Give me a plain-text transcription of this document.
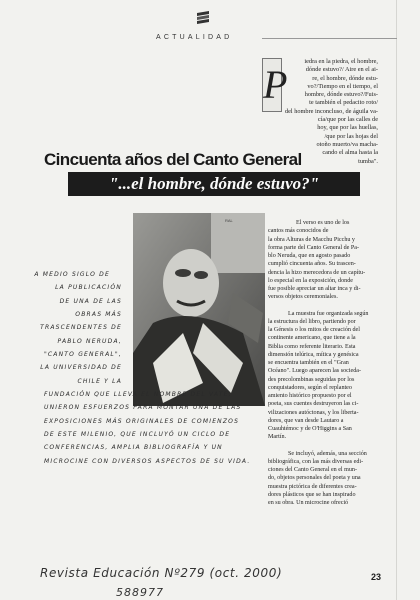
ACTUALIDAD
P
iedra en la piedra, el hombre,
dónde estuvo?/ Aire en el ai-
re, el hombre, dónde estu-
vo?/Tiempo en el tiempo, el
hombre, dónde estuvo?/Fuis-
te también el pedacito roto/
del hombre inconcluso, de águila va-
cía/que por las calles de
hoy, que por las huellas,
/que por las hojas del
otoño muerto/va macha-
cando el alma hasta la
tumba".
Cincuenta años del Canto General
"...el hombre, dónde estuvo?"
RAL
A MEDIO SIGLO DE
LA PUBLICACIÓN
DE UNA DE LAS
OBRAS MÁS
TRASCENDENTES DE
PABLO NERUDA,
"CANTO GENERAL",
LA UNIVERSIDAD DE
CHILE Y LA
FUNDACIÓN QUE LLEVA EL NOMBRE DEL VATE,
UNIERON ESFUERZOS PARA MONTAR UNA DE LAS
EXPOSICIONES MÁS ORIGINALES DE COMIENZOS
DE ESTE MILENIO, QUE INCLUYÓ UN CICLO DE
CONFERENCIAS, AMPLIA BIBLIOGRAFÍA Y UN
MICROCINE CON DIVERSOS ASPECTOS DE SU VIDA.
El verso es uno de los
cantos más conocidos de
la obra Alturas de Macchu Picchu y
forma parte del Canto General de Pa-
blo Neruda, que en agosto pasado
cumplió cincuenta años. Su trascen-
dencia la hizo merecedora de un capítu-
lo especial en la exposición, donde
fue posible apreciar un altar inca y di-
versos objetos ceremoniales.
La muestra fue organizada según
la estructura del libro, partiendo por
la Génesis o los mitos de creación del
continente americano, que tiene a la
Biblia como referente literario. Esta
dimensión telúrica, mítica y genésica
se encuentra también en el "Gran
Océano". Luego aparecen las socieda-
des precolombinas seguidas por los
conquistadores, según el replanteo
amiento histórico propuesto por el
poeta, sus cuentes destruyeron las ci-
vilizaciones autóctonas, y los liberta-
dores, que van desde Lautaro a
Cuauhtémoc y de O'Higgins a San
Martín.
Se incluyó, además, una sección
bibliográfica, con las más diversas edi-
ciones del Canto General en el mun-
do, objetos personales del poeta y una
muestra pictórica de diferentes crea-
dores plásticos que se han inspirado
en su obra. Un microcine ofreció
Revista Educación Nº279 (oct. 2000)
588977
23
